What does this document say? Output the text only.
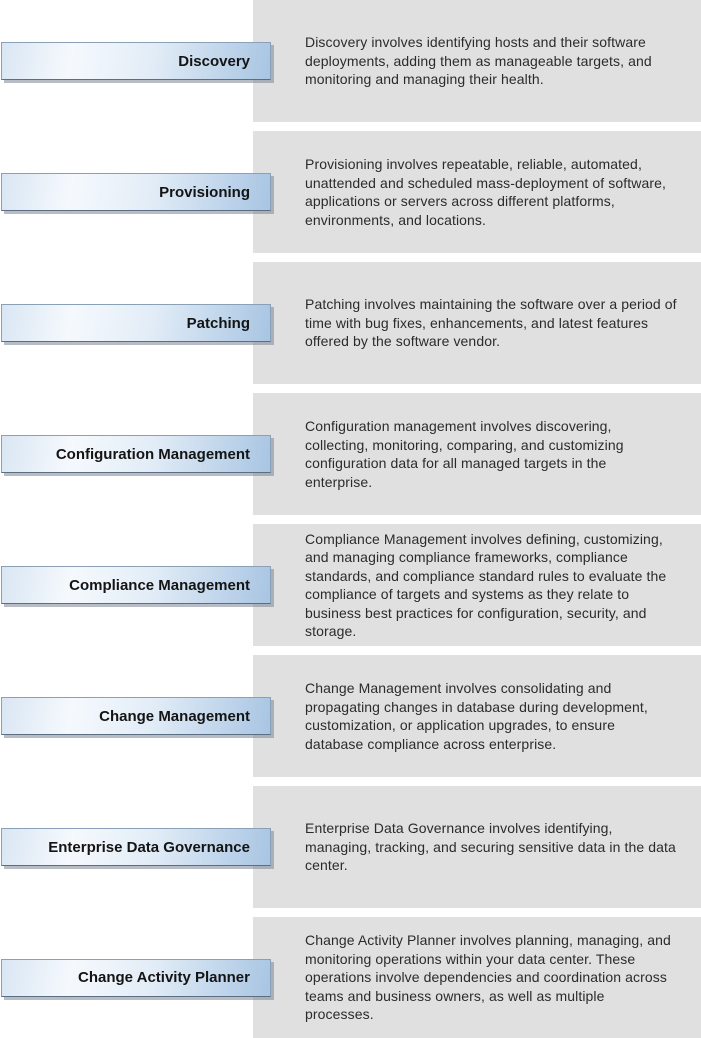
Discovery involves identifying hosts and their software deployments, adding them as manageable targets, and monitoring and managing their health.

Discovery

Provisioning involves repeatable, reliable, automated, unattended and scheduled mass-deployment of software, applications or servers across different platforms, environments, and locations.

Provisioning

Patching involves maintaining the software over a period of time with bug fixes, enhancements, and latest features offered by the software vendor.

Patching

Configuration management involves discovering, collecting, monitoring, comparing, and customizing configuration data for all managed targets in the enterprise.

Configuration Management

Compliance Management involves defining, customizing, and managing compliance frameworks, compliance standards, and compliance standard rules to evaluate the compliance of targets and systems as they relate to business best practices for configuration, security, and storage.

Compliance Management

Change Management involves consolidating and propagating changes in database during development, customization, or application upgrades, to ensure database compliance across enterprise.

Change Management

Enterprise Data Governance involves identifying, managing, tracking, and securing sensitive data in the data center.

Enterprise Data Governance

Change Activity Planner involves planning, managing, and monitoring operations within your data center. These operations involve dependencies and coordination across teams and business owners, as well as multiple processes.

Change Activity Planner
